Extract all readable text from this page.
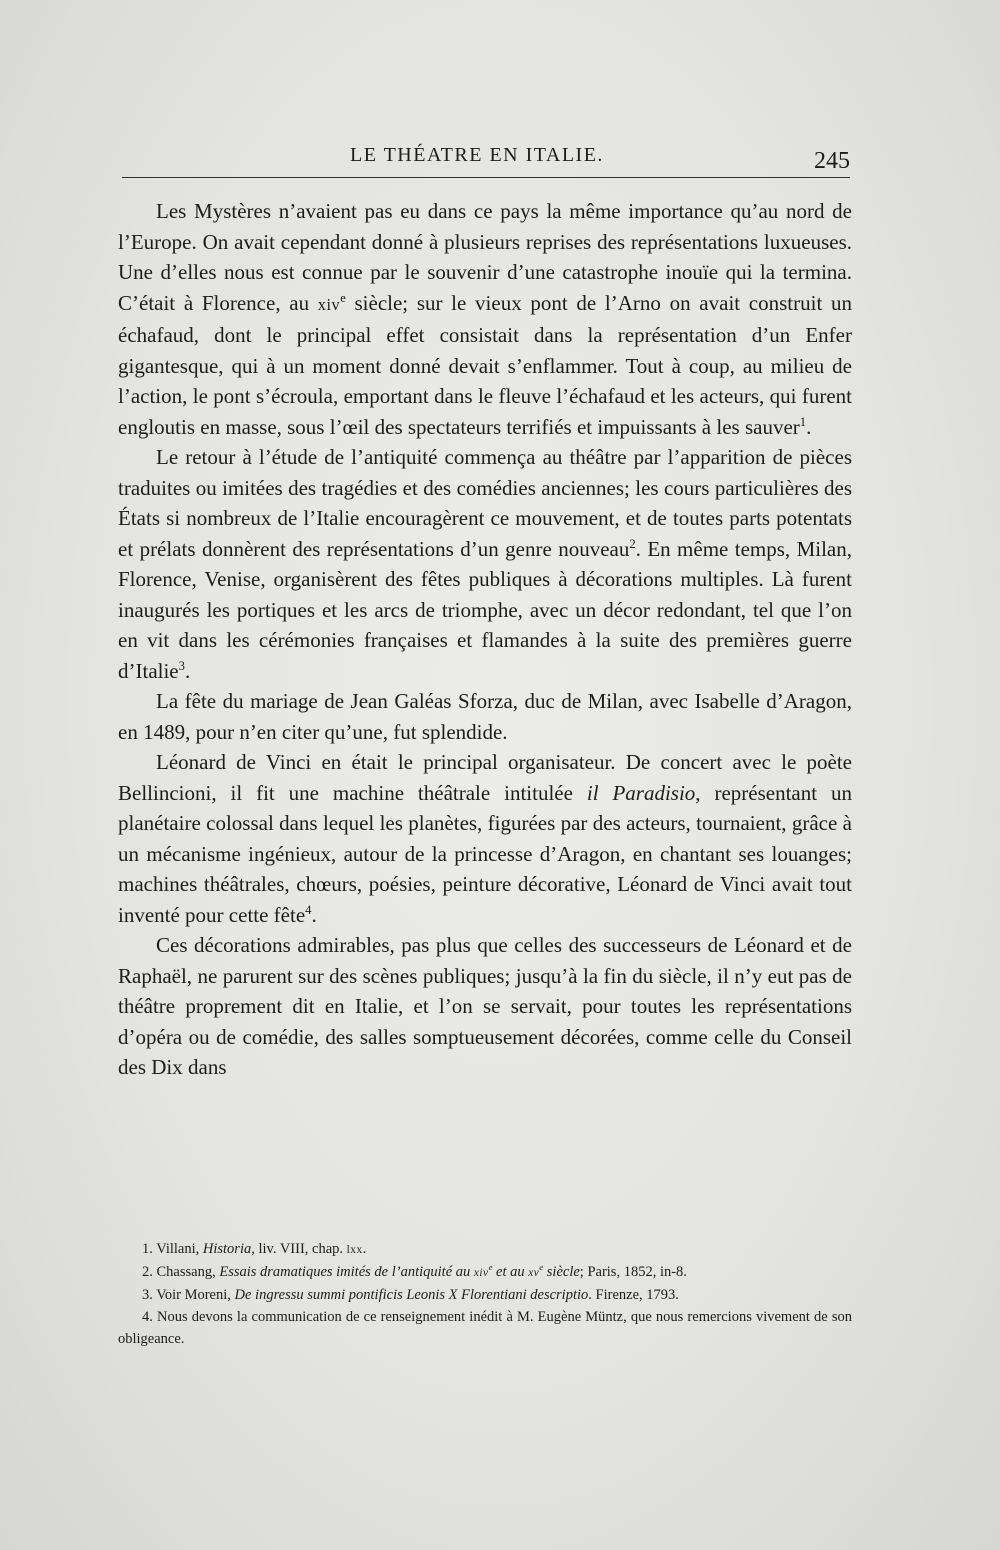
LE THÉATRE EN ITALIE.	245

Les Mystères n’avaient pas eu dans ce pays la même importance qu’au nord de l’Europe. On avait cependant donné à plusieurs reprises des représentations luxueuses. Une d’elles nous est connue par le souvenir d’une catastrophe inouïe qui la termina. C’était à Florence, au xiv$^e$ siècle; sur le vieux pont de l’Arno on avait construit un échafaud, dont le principal effet consistait dans la représentation d’un Enfer gigantesque, qui à un moment donné devait s’enflammer. Tout à coup, au milieu de l’action, le pont s’écroula, emportant dans le fleuve l’échafaud et les acteurs, qui furent engloutis en masse, sous l’œil des spectateurs terrifiés et impuissants à les sauver$^1$.

Le retour à l’étude de l’antiquité commença au théâtre par l’apparition de pièces traduites ou imitées des tragédies et des comédies anciennes; les cours particulières des États si nombreux de l’Italie encouragèrent ce mouvement, et de toutes parts potentats et prélats donnèrent des représentations d’un genre nouveau$^2$. En même temps, Milan, Florence, Venise, organisèrent des fêtes publiques à décorations multiples. Là furent inaugurés les portiques et les arcs de triomphe, avec un décor redondant, tel que l’on en vit dans les cérémonies françaises et flamandes à la suite des premières guerre d’Italie$^3$.

La fête du mariage de Jean Galéas Sforza, duc de Milan, avec Isabelle d’Aragon, en 1489, pour n’en citer qu’une, fut splendide.

Léonard de Vinci en était le principal organisateur. De concert avec le poète Bellincioni, il fit une machine théâtrale intitulée il Paradisio, représentant un planétaire colossal dans lequel les planètes, figurées par des acteurs, tournaient, grâce à un mécanisme ingénieux, autour de la princesse d’Aragon, en chantant ses louanges; machines théâtrales, chœurs, poésies, peinture décorative, Léonard de Vinci avait tout inventé pour cette fête$^4$.

Ces décorations admirables, pas plus que celles des successeurs de Léonard et de Raphaël, ne parurent sur des scènes publiques; jusqu’à la fin du siècle, il n’y eut pas de théâtre proprement dit en Italie, et l’on se servait, pour toutes les représentations d’opéra ou de comédie, des salles somptueusement décorées, comme celle du Conseil des Dix dans

1. Villani, Historia, liv. VIII, chap. lxx.

2. Chassang, Essais dramatiques imités de l’antiquité au xiv$^e$ et au $xv^e$ siècle; Paris, 1852, in-8.

3. Voir Moreni, De ingressu summi pontificis Leonis X Florentiani descriptio. Firenze, 1793.

4. Nous devons la communication de ce renseignement inédit à M. Eugène Müntz, que nous remercions vivement de son obligeance.
